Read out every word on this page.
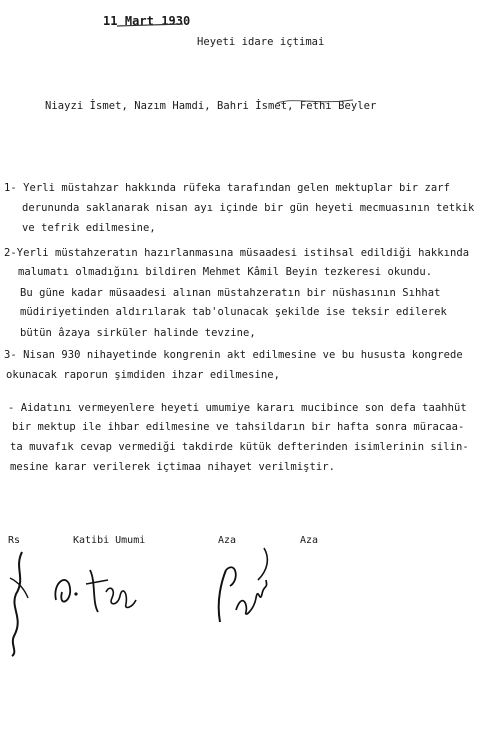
11 Mart 1930
Heyeti idare içtimai
Niayzi İsmet, Nazım Hamdi, Bahri İsmet, Fethi Beyler
1- Yerli müstahzar hakkında rüfeka tarafından gelen mektuplar bir zarf
derununda saklanarak nisan ayı içinde bir gün heyeti mecmuasının tetkik
ve tefrik edilmesine,
2-Yerli müstahzeratın hazırlanmasına müsaadesi istihsal edildiği hakkında
malumatı olmadığını bildiren Mehmet Kâmil Beyin tezkeresi okundu.
Bu güne kadar müsaadesi alınan müstahzeratın bir nüshasının Sıhhat
müdiriyetinden aldırılarak tab'olunacak şekilde ise teksir edilerek
bütün âzaya sirküler halinde tevzine,
3- Nisan 930 nihayetinde kongrenin akt edilmesine ve bu hususta kongrede
okunacak raporun şimdiden ihzar edilmesine,
- Aidatını vermeyenlere heyeti umumiye kararı mucibince son defa taahhüt
bir mektup ile ihbar edilmesine ve tahsildarın bir hafta sonra müracaa-
ta muvafık cevap vermediği takdirde kütük defterinden isimlerinin silin-
mesine karar verilerek içtimaa nihayet verilmiştir.
Rs	Katibi Umumi	Aza	Aza
